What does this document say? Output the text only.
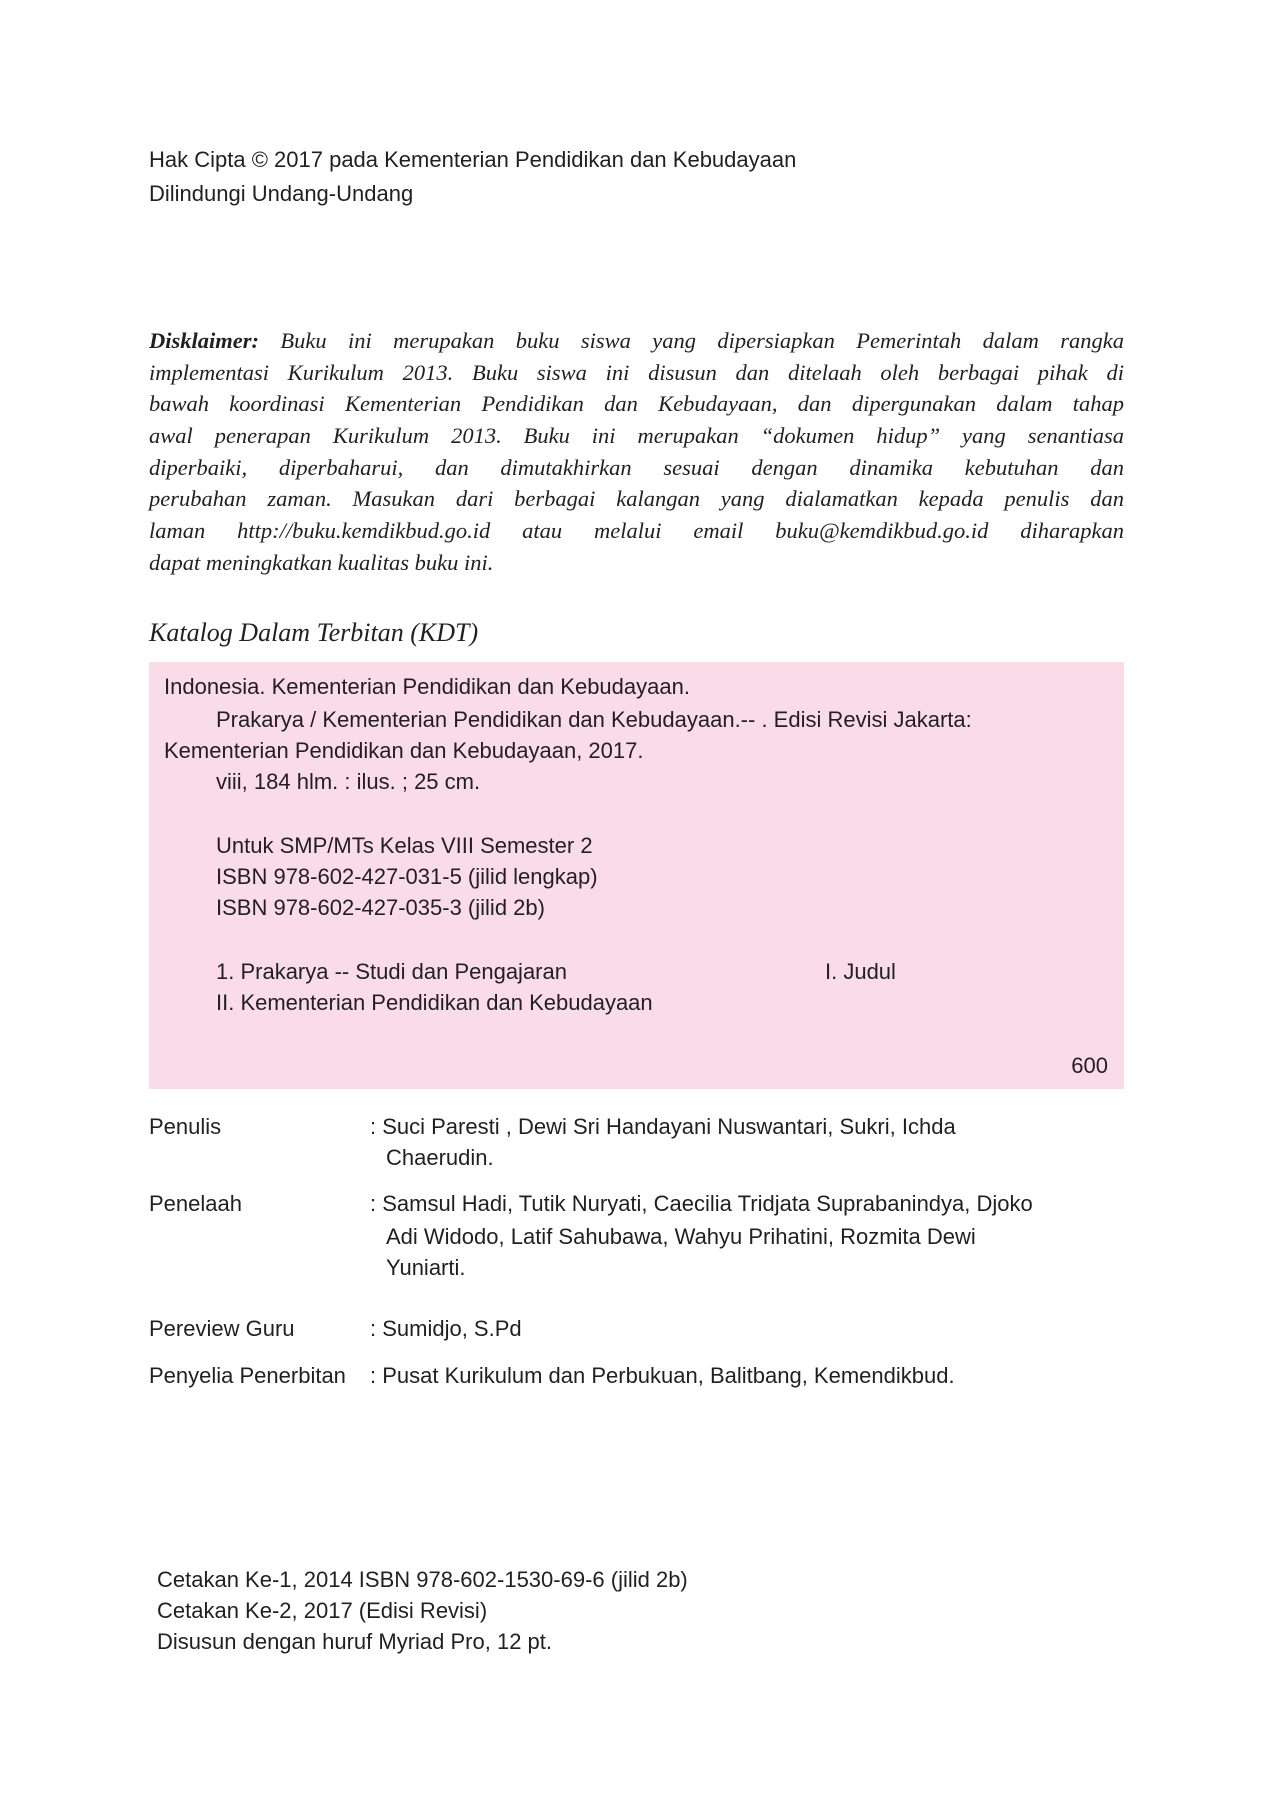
Hak Cipta © 2017 pada Kementerian Pendidikan dan Kebudayaan
Dilindungi Undang-Undang
Disklaimer: Buku ini merupakan buku siswa yang dipersiapkan Pemerintah dalam rangka
implementasi Kurikulum 2013. Buku siswa ini disusun dan ditelaah oleh berbagai pihak di
bawah koordinasi Kementerian Pendidikan dan Kebudayaan, dan dipergunakan dalam tahap
awal penerapan Kurikulum 2013. Buku ini merupakan “dokumen hidup” yang senantiasa
diperbaiki, diperbaharui, dan dimutakhirkan sesuai dengan dinamika kebutuhan dan
perubahan zaman. Masukan dari berbagai kalangan yang dialamatkan kepada penulis dan
laman http://buku.kemdikbud.go.id atau melalui email buku@kemdikbud.go.id diharapkan
dapat meningkatkan kualitas buku ini.
Katalog Dalam Terbitan (KDT)
Indonesia. Kementerian Pendidikan dan Kebudayaan.
Prakarya / Kementerian Pendidikan dan Kebudayaan.-- . Edisi Revisi Jakarta:
Kementerian Pendidikan dan Kebudayaan, 2017.
viii, 184 hlm. : ilus. ; 25 cm.
Untuk SMP/MTs Kelas VIII Semester 2
ISBN 978-602-427-031-5 (jilid lengkap)
ISBN 978-602-427-035-3 (jilid 2b)
1. Prakarya -- Studi dan Pengajaran	I. Judul
II. Kementerian Pendidikan dan Kebudayaan
600
Penulis	: Suci Paresti , Dewi Sri Handayani Nuswantari, Sukri, Ichda
Chaerudin.
Penelaah	: Samsul Hadi, Tutik Nuryati, Caecilia Tridjata Suprabanindya, Djoko
Adi Widodo, Latif Sahubawa, Wahyu Prihatini, Rozmita Dewi
Yuniarti.
Pereview Guru	: Sumidjo, S.Pd
Penyelia Penerbitan : Pusat Kurikulum dan Perbukuan, Balitbang, Kemendikbud.
Cetakan Ke-1, 2014 ISBN 978-602-1530-69-6 (jilid 2b)
Cetakan Ke-2, 2017 (Edisi Revisi)
Disusun dengan huruf Myriad Pro, 12 pt.
